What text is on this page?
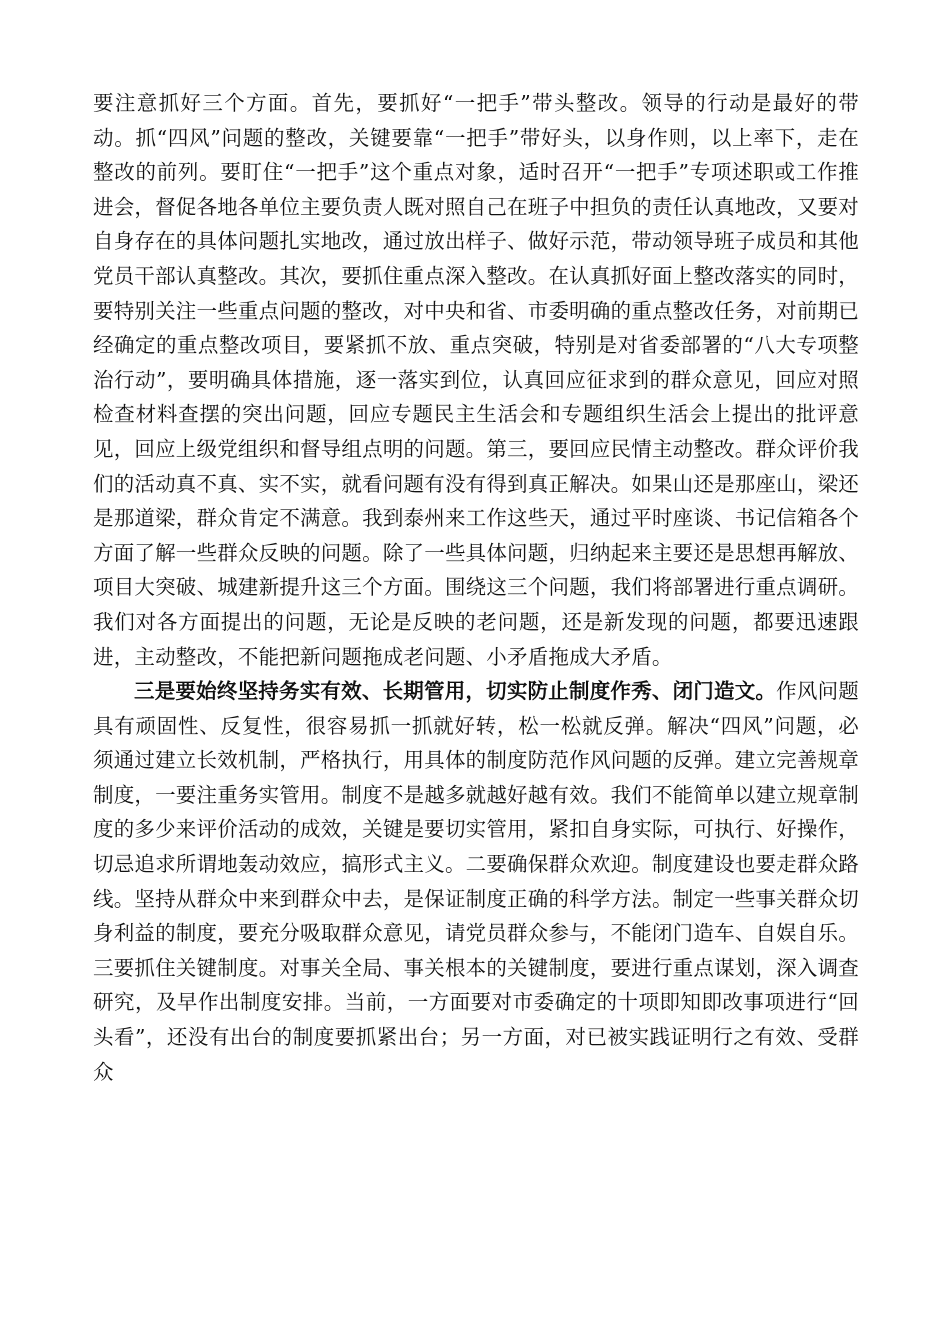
要注意抓好三个方面。首先，要抓好“一把手”带头整改。领导的行动是最好的带动。抓“四风”问题的整改，关键要靠“一把手”带好头，以身作则，以上率下，走在整改的前列。要盯住“一把手”这个重点对象，适时召开“一把手”专项述职或工作推进会，督促各地各单位主要负责人既对照自己在班子中担负的责任认真地改，又要对自身存在的具体问题扎实地改，通过放出样子、做好示范，带动领导班子成员和其他党员干部认真整改。其次，要抓住重点深入整改。在认真抓好面上整改落实的同时，要特别关注一些重点问题的整改，对中央和省、市委明确的重点整改任务，对前期已经确定的重点整改项目，要紧抓不放、重点突破，特别是对省委部署的“八大专项整治行动”，要明确具体措施，逐一落实到位，认真回应征求到的群众意见，回应对照检查材料查摆的突出问题，回应专题民主生活会和专题组织生活会上提出的批评意见，回应上级党组织和督导组点明的问题。第三，要回应民情主动整改。群众评价我们的活动真不真、实不实，就看问题有没有得到真正解决。如果山还是那座山，梁还是那道梁，群众肯定不满意。我到泰州来工作这些天，通过平时座谈、书记信箱各个方面了解一些群众反映的问题。除了一些具体问题，归纳起来主要还是思想再解放、项目大突破、城建新提升这三个方面。围绕这三个问题，我们将部署进行重点调研。我们对各方面提出的问题，无论是反映的老问题，还是新发现的问题，都要迅速跟进，主动整改，不能把新问题拖成老问题、小矛盾拖成大矛盾。

三是要始终坚持务实有效、长期管用，切实防止制度作秀、闭门造文。作风问题具有顽固性、反复性，很容易抓一抓就好转，松一松就反弹。解决“四风”问题，必须通过建立长效机制，严格执行，用具体的制度防范作风问题的反弹。建立完善规章制度，一要注重务实管用。制度不是越多就越好越有效。我们不能简单以建立规章制度的多少来评价活动的成效，关键是要切实管用，紧扣自身实际，可执行、好操作，切忌追求所谓地轰动效应，搞形式主义。二要确保群众欢迎。制度建设也要走群众路线。坚持从群众中来到群众中去，是保证制度正确的科学方法。制定一些事关群众切身利益的制度，要充分吸取群众意见，请党员群众参与，不能闭门造车、自娱自乐。三要抓住关键制度。对事关全局、事关根本的关键制度，要进行重点谋划，深入调查研究，及早作出制度安排。当前，一方面要对市委确定的十项即知即改事项进行“回头看”，还没有出台的制度要抓紧出台；另一方面，对已被实践证明行之有效、受群众
